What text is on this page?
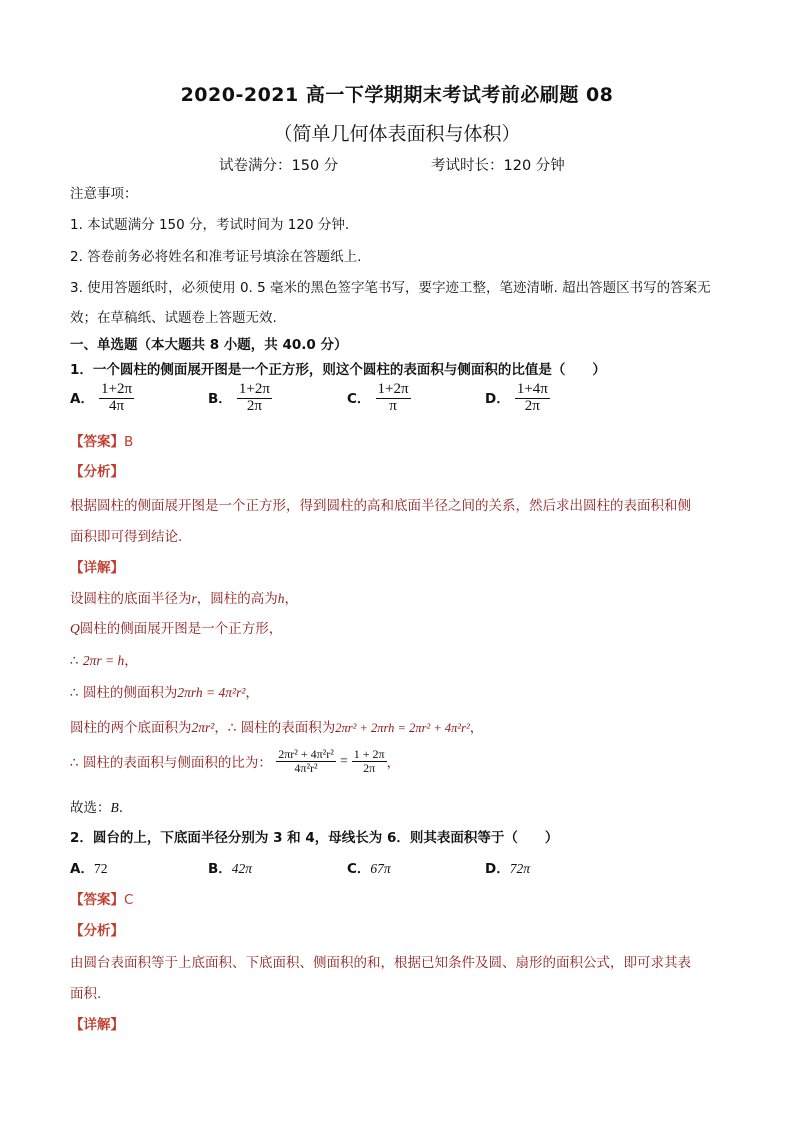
2020-2021 高一下学期期末考试考前必刷题 08
（简单几何体表面积与体积）
试卷满分：150 分	考试时长：120 分钟
注意事项：
1. 本试题满分 150 分，考试时间为 120 分钟.
2. 答卷前务必将姓名和准考证号填涂在答题纸上.
3. 使用答题纸时，必须使用 0. 5 毫米的黑色签字笔书写，要字迹工整，笔迹清晰. 超出答题区书写的答案无
效；在草稿纸、试题卷上答题无效.
一、单选题（本大题共 8 小题，共 40.0 分）
1．一个圆柱的侧面展开图是一个正方形，则这个圆柱的表面积与侧面积的比值是（　　）
A． $\frac{1+2\pi}{4\pi}$	B． $\frac{1+2\pi}{2\pi}$	C． $\frac{1+2\pi}{\pi}$	D． $\frac{1+4\pi}{2\pi}$
【答案】B
【分析】
根据圆柱的侧面展开图是一个正方形，得到圆柱的高和底面半径之间的关系，然后求出圆柱的表面积和侧
面积即可得到结论.
【详解】
设圆柱的底面半径为r，圆柱的高为h，
Q圆柱的侧面展开图是一个正方形，
∴ 2πr = h，
∴ 圆柱的侧面积为2πrh = 4π²r²，
圆柱的两个底面积为2πr²，∴ 圆柱的表面积为2πr² + 2πrh = 2πr² + 4π²r²，
∴ 圆柱的表面积与侧面积的比为： $\frac{\text{2πr² + 4π²r²}}{\text{4π²r²}} = \frac{1 + 2\pi}{2\pi}$ ，
故选：B.
2．圆台的上，下底面半径分别为 3 和 4，母线长为 6．则其表面积等于（　　）
A．72	B．42π	C．67π	D．72π
【答案】C
【分析】
由圆台表面积等于上底面积、下底面积、侧面积的和，根据已知条件及圆、扇形的面积公式，即可求其表
面积.
【详解】
